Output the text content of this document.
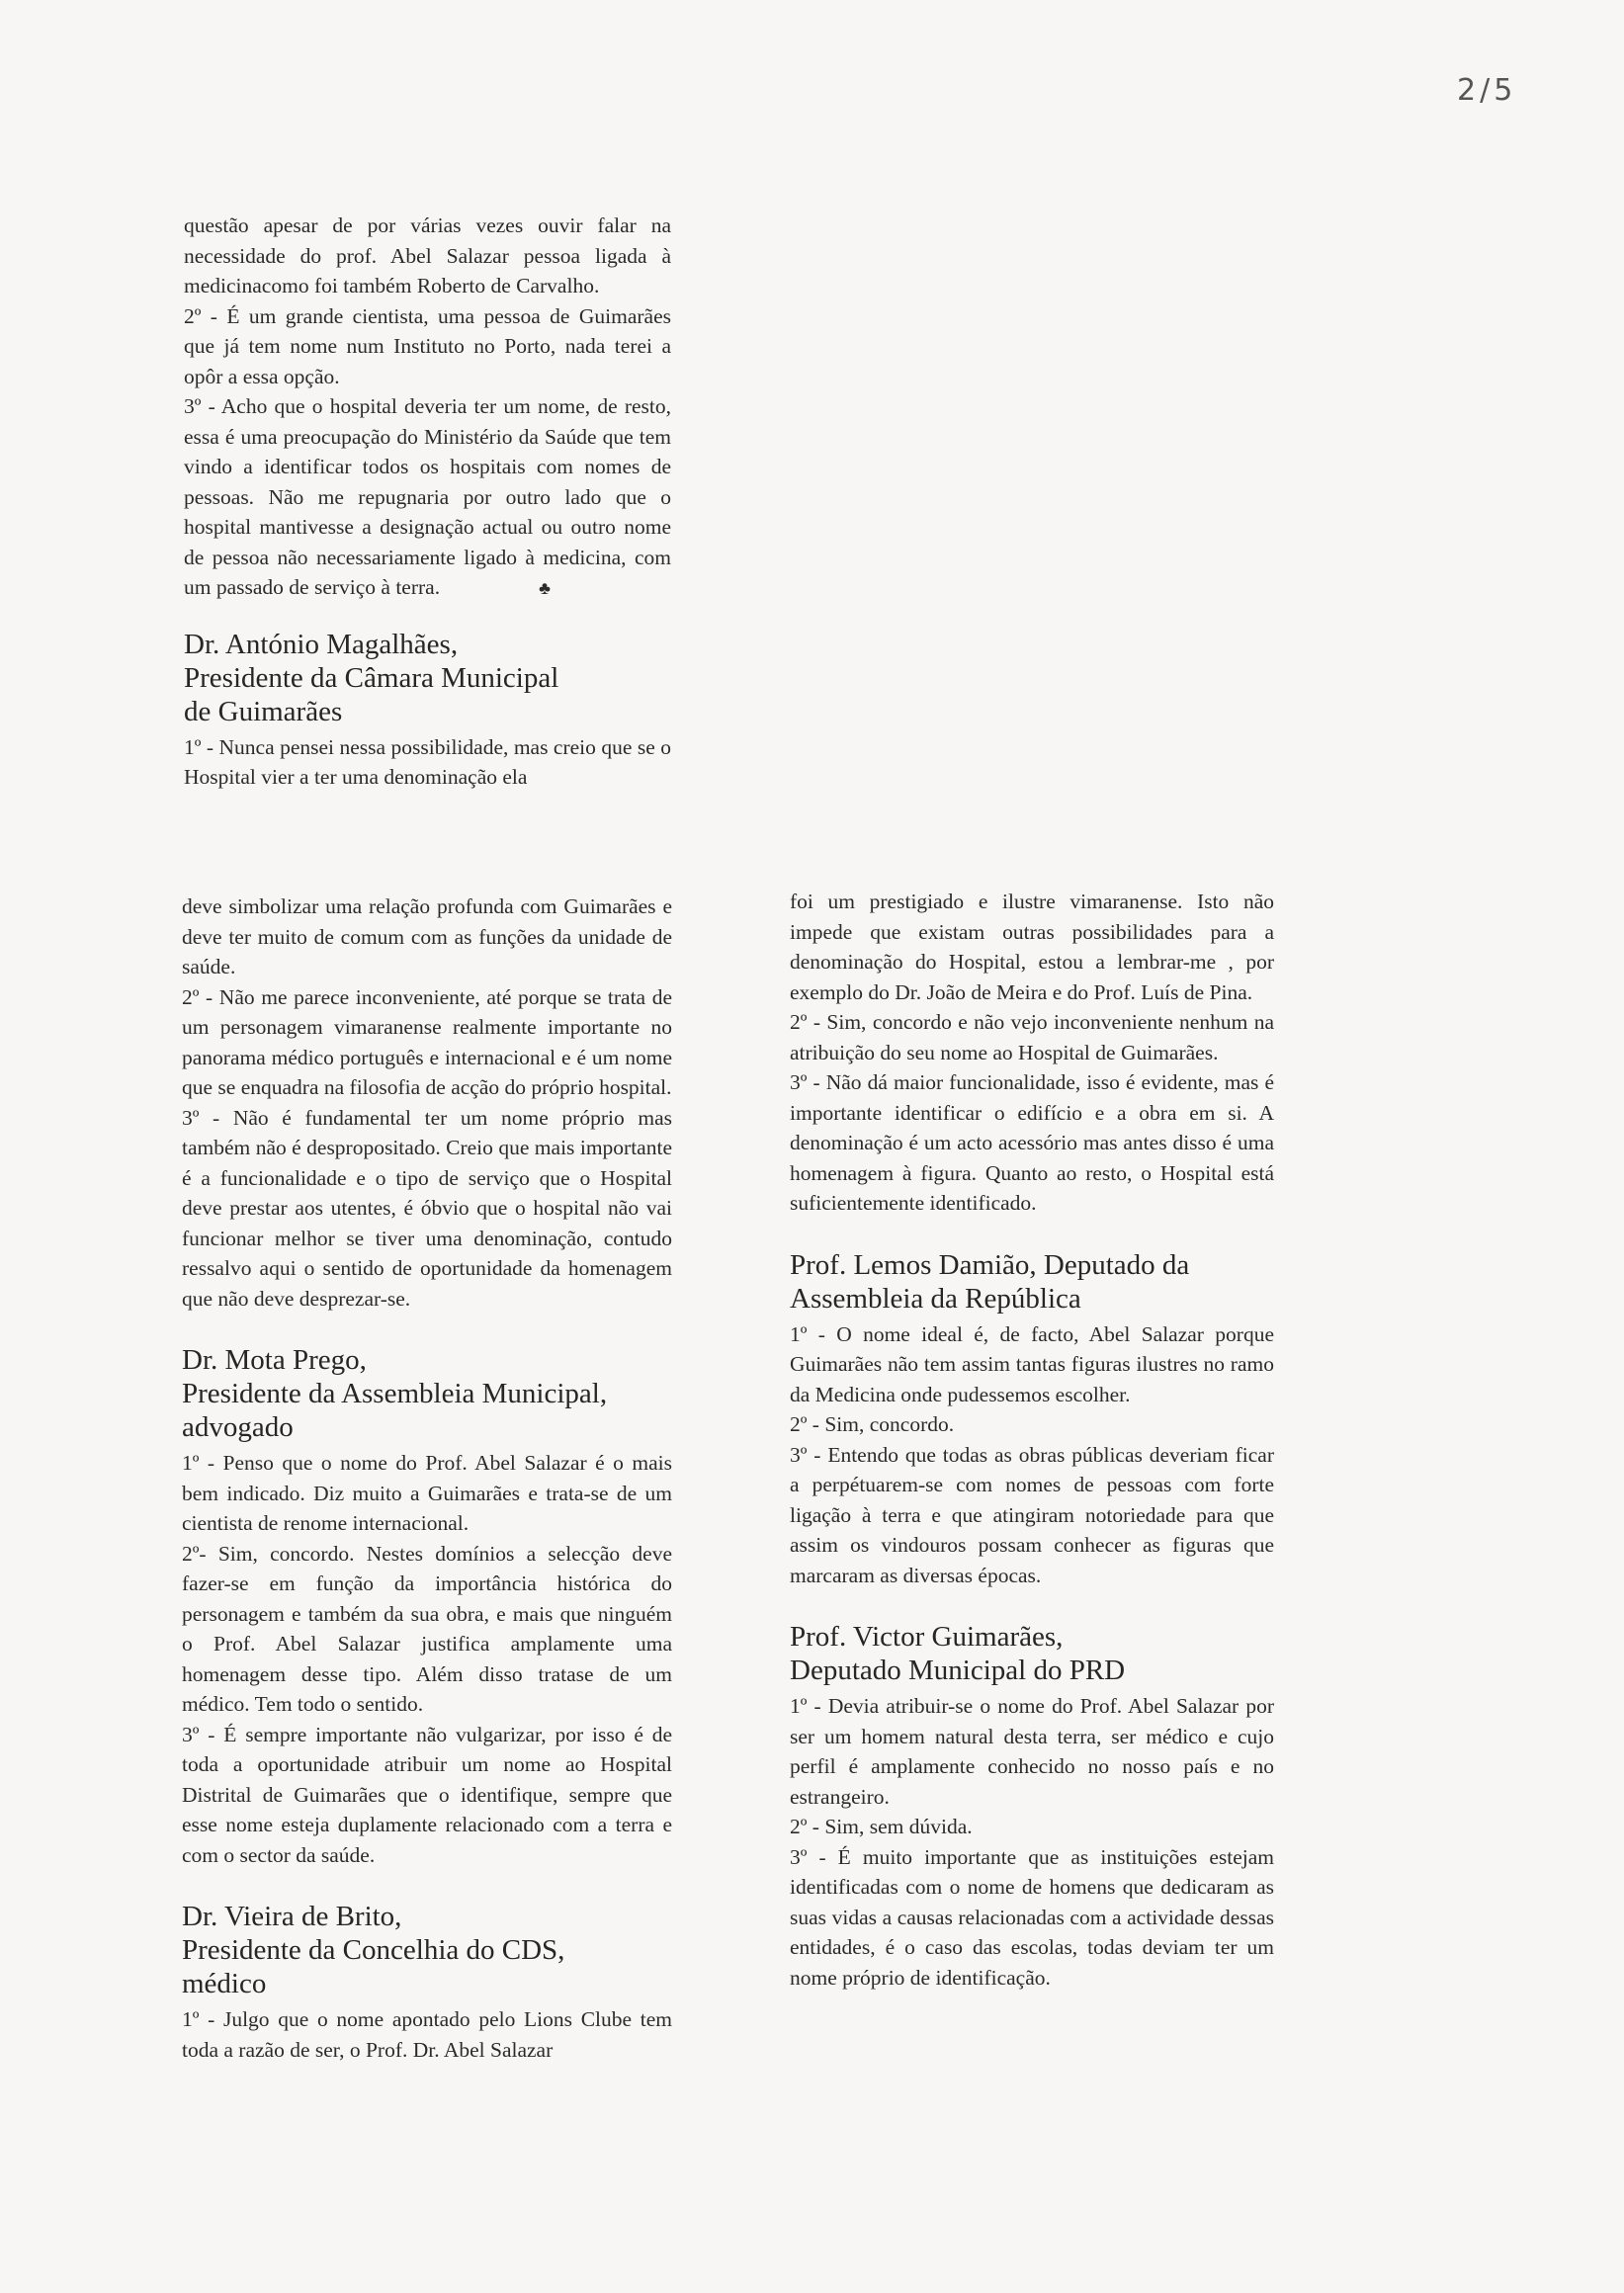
2/5

questão apesar de por várias vezes ouvir falar na necessidade do prof. Abel Salazar pessoa ligada à medicinacomo foi também Roberto de Carvalho.

2º - É um grande cientista, uma pessoa de Guimarães que já tem nome num Instituto no Porto, nada terei a opôr a essa opção.

3º - Acho que o hospital deveria ter um nome, de resto, essa é uma preocupação do Ministério da Saúde que tem vindo a identificar todos os hospitais com nomes de pessoas. Não me repugnaria por outro lado que o hospital mantivesse a designação actual ou outro nome de pessoa não necessariamente ligado à medicina, com um passado de serviço à terra.	♣

Dr. António Magalhães,
Presidente da Câmara Municipal
de Guimarães

1º - Nunca pensei nessa possibilidade, mas creio que se o Hospital vier a ter uma denominação ela

deve simbolizar uma relação profunda com Guimarães e deve ter muito de comum com as funções da unidade de saúde.

2º - Não me parece inconveniente, até porque se trata de um personagem vimaranense realmente importante no panorama médico português e internacional e é um nome que se enquadra na filosofia de acção do próprio hospital.

3º - Não é fundamental ter um nome próprio mas também não é despropositado. Creio que mais importante é a funcionalidade e o tipo de serviço que o Hospital deve prestar aos utentes, é óbvio que o hospital não vai funcionar melhor se tiver uma denominação, contudo ressalvo aqui o sentido de oportunidade da homenagem que não deve desprezar-se.

Dr. Mota Prego,
Presidente da Assembleia Municipal,
advogado

1º - Penso que o nome do Prof. Abel Salazar é o mais bem indicado. Diz muito a Guimarães e trata-se de um cientista de renome internacional.

2º- Sim, concordo. Nestes domínios a selecção deve fazer-se em função da importância histórica do personagem e também da sua obra, e mais que ninguém o Prof. Abel Salazar justifica amplamente uma homenagem desse tipo. Além disso tratase de um médico. Tem todo o sentido.

3º - É sempre importante não vulgarizar, por isso é de toda a oportunidade atribuir um nome ao Hospital Distrital de Guimarães que o identifique, sempre que esse nome esteja duplamente relacionado com a terra e com o sector da saúde.

Dr. Vieira de Brito,
Presidente da Concelhia do CDS,
médico

1º - Julgo que o nome apontado pelo Lions Clube tem toda a razão de ser, o Prof. Dr. Abel Salazar

foi um prestigiado e ilustre vimaranense. Isto não impede que existam outras possibilidades para a denominação do Hospital, estou a lembrar-me , por exemplo do Dr. João de Meira e do Prof. Luís de Pina.

2º - Sim, concordo e não vejo inconveniente nenhum na atribuição do seu nome ao Hospital de Guimarães.

3º - Não dá maior funcionalidade, isso é evidente, mas é importante identificar o edifício e a obra em si. A denominação é um acto acessório mas antes disso é uma homenagem à figura. Quanto ao resto, o Hospital está suficientemente identificado.

Prof. Lemos Damião, Deputado da
Assembleia da República

1º - O nome ideal é, de facto, Abel Salazar porque Guimarães não tem assim tantas figuras ilustres no ramo da Medicina onde pudessemos escolher.

2º - Sim, concordo.

3º - Entendo que todas as obras públicas deveriam ficar a perpétuarem-se com nomes de pessoas com forte ligação à terra e que atingiram notoriedade para que assim os vindouros possam conhecer as figuras que marcaram as diversas épocas.

Prof. Victor Guimarães,
Deputado Municipal do PRD

1º - Devia atribuir-se o nome do Prof. Abel Salazar por ser um homem natural desta terra, ser médico e cujo perfil é amplamente conhecido no nosso país e no estrangeiro.

2º - Sim, sem dúvida.

3º - É muito importante que as instituições estejam identificadas com o nome de homens que dedicaram as suas vidas a causas relacionadas com a actividade dessas entidades, é o caso das escolas, todas deviam ter um nome próprio de identificação.
